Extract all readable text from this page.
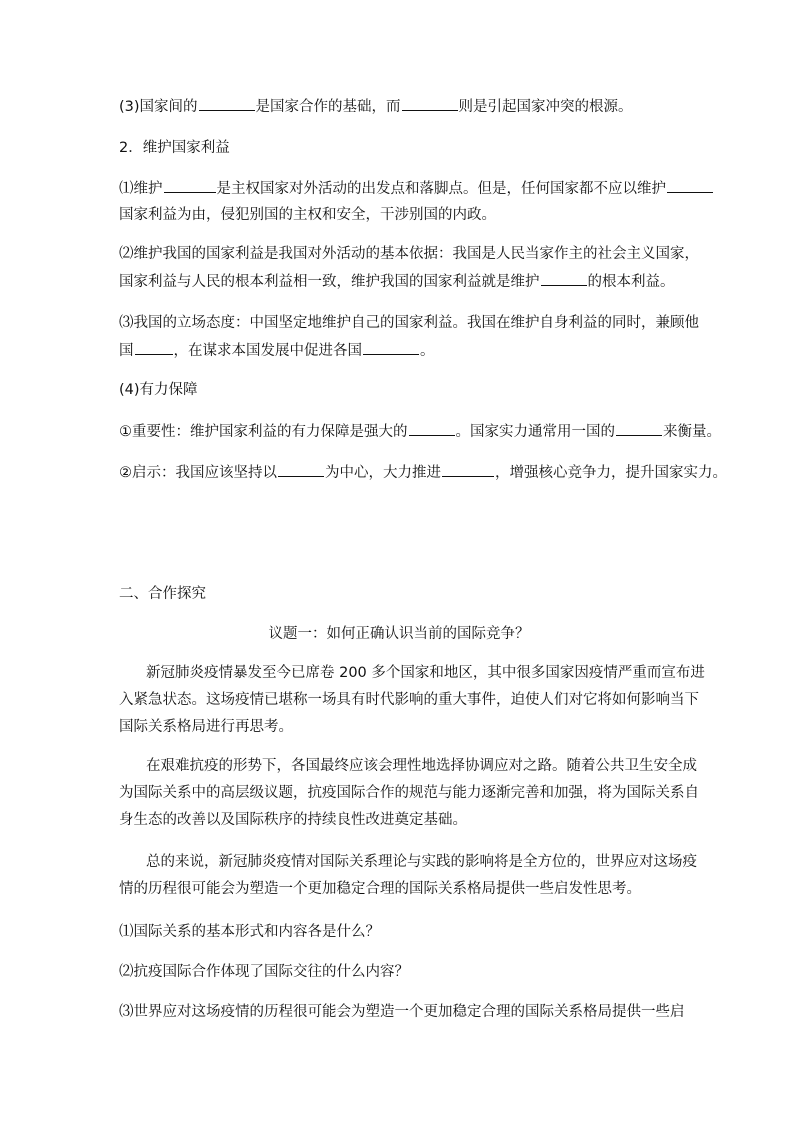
(3)国家间的	是国家合作的基础，而	则是引起国家冲突的根源。
2．维护国家利益
⑴维护	是主权国家对外活动的出发点和落脚点。但是，任何国家都不应以维护
国家利益为由，侵犯别国的主权和安全，干涉别国的内政。
⑵维护我国的国家利益是我国对外活动的基本依据：我国是人民当家作主的社会主义国家，
国家利益与人民的根本利益相一致，维护我国的国家利益就是维护	的根本利益。
⑶我国的立场态度：中国坚定地维护自己的国家利益。我国在维护自身利益的同时，兼顾他
国	，在谋求本国发展中促进各国	。
(4)有力保障
①重要性：维护国家利益的有力保障是强大的	。国家实力通常用一国的	来衡量。
②启示：我国应该坚持以	为中心，大力推进	，增强核心竞争力，提升国家实力。
二、合作探究
议题一：如何正确认识当前的国际竞争？
新冠肺炎疫情暴发至今已席卷 200 多个国家和地区，其中很多国家因疫情严重而宣布进
入紧急状态。这场疫情已堪称一场具有时代影响的重大事件，迫使人们对它将如何影响当下
国际关系格局进行再思考。
在艰难抗疫的形势下，各国最终应该会理性地选择协调应对之路。随着公共卫生安全成
为国际关系中的高层级议题，抗疫国际合作的规范与能力逐渐完善和加强，将为国际关系自
身生态的改善以及国际秩序的持续良性改进奠定基础。
总的来说，新冠肺炎疫情对国际关系理论与实践的影响将是全方位的，世界应对这场疫
情的历程很可能会为塑造一个更加稳定合理的国际关系格局提供一些启发性思考。
⑴国际关系的基本形式和内容各是什么？
⑵抗疫国际合作体现了国际交往的什么内容？
⑶世界应对这场疫情的历程很可能会为塑造一个更加稳定合理的国际关系格局提供一些启
